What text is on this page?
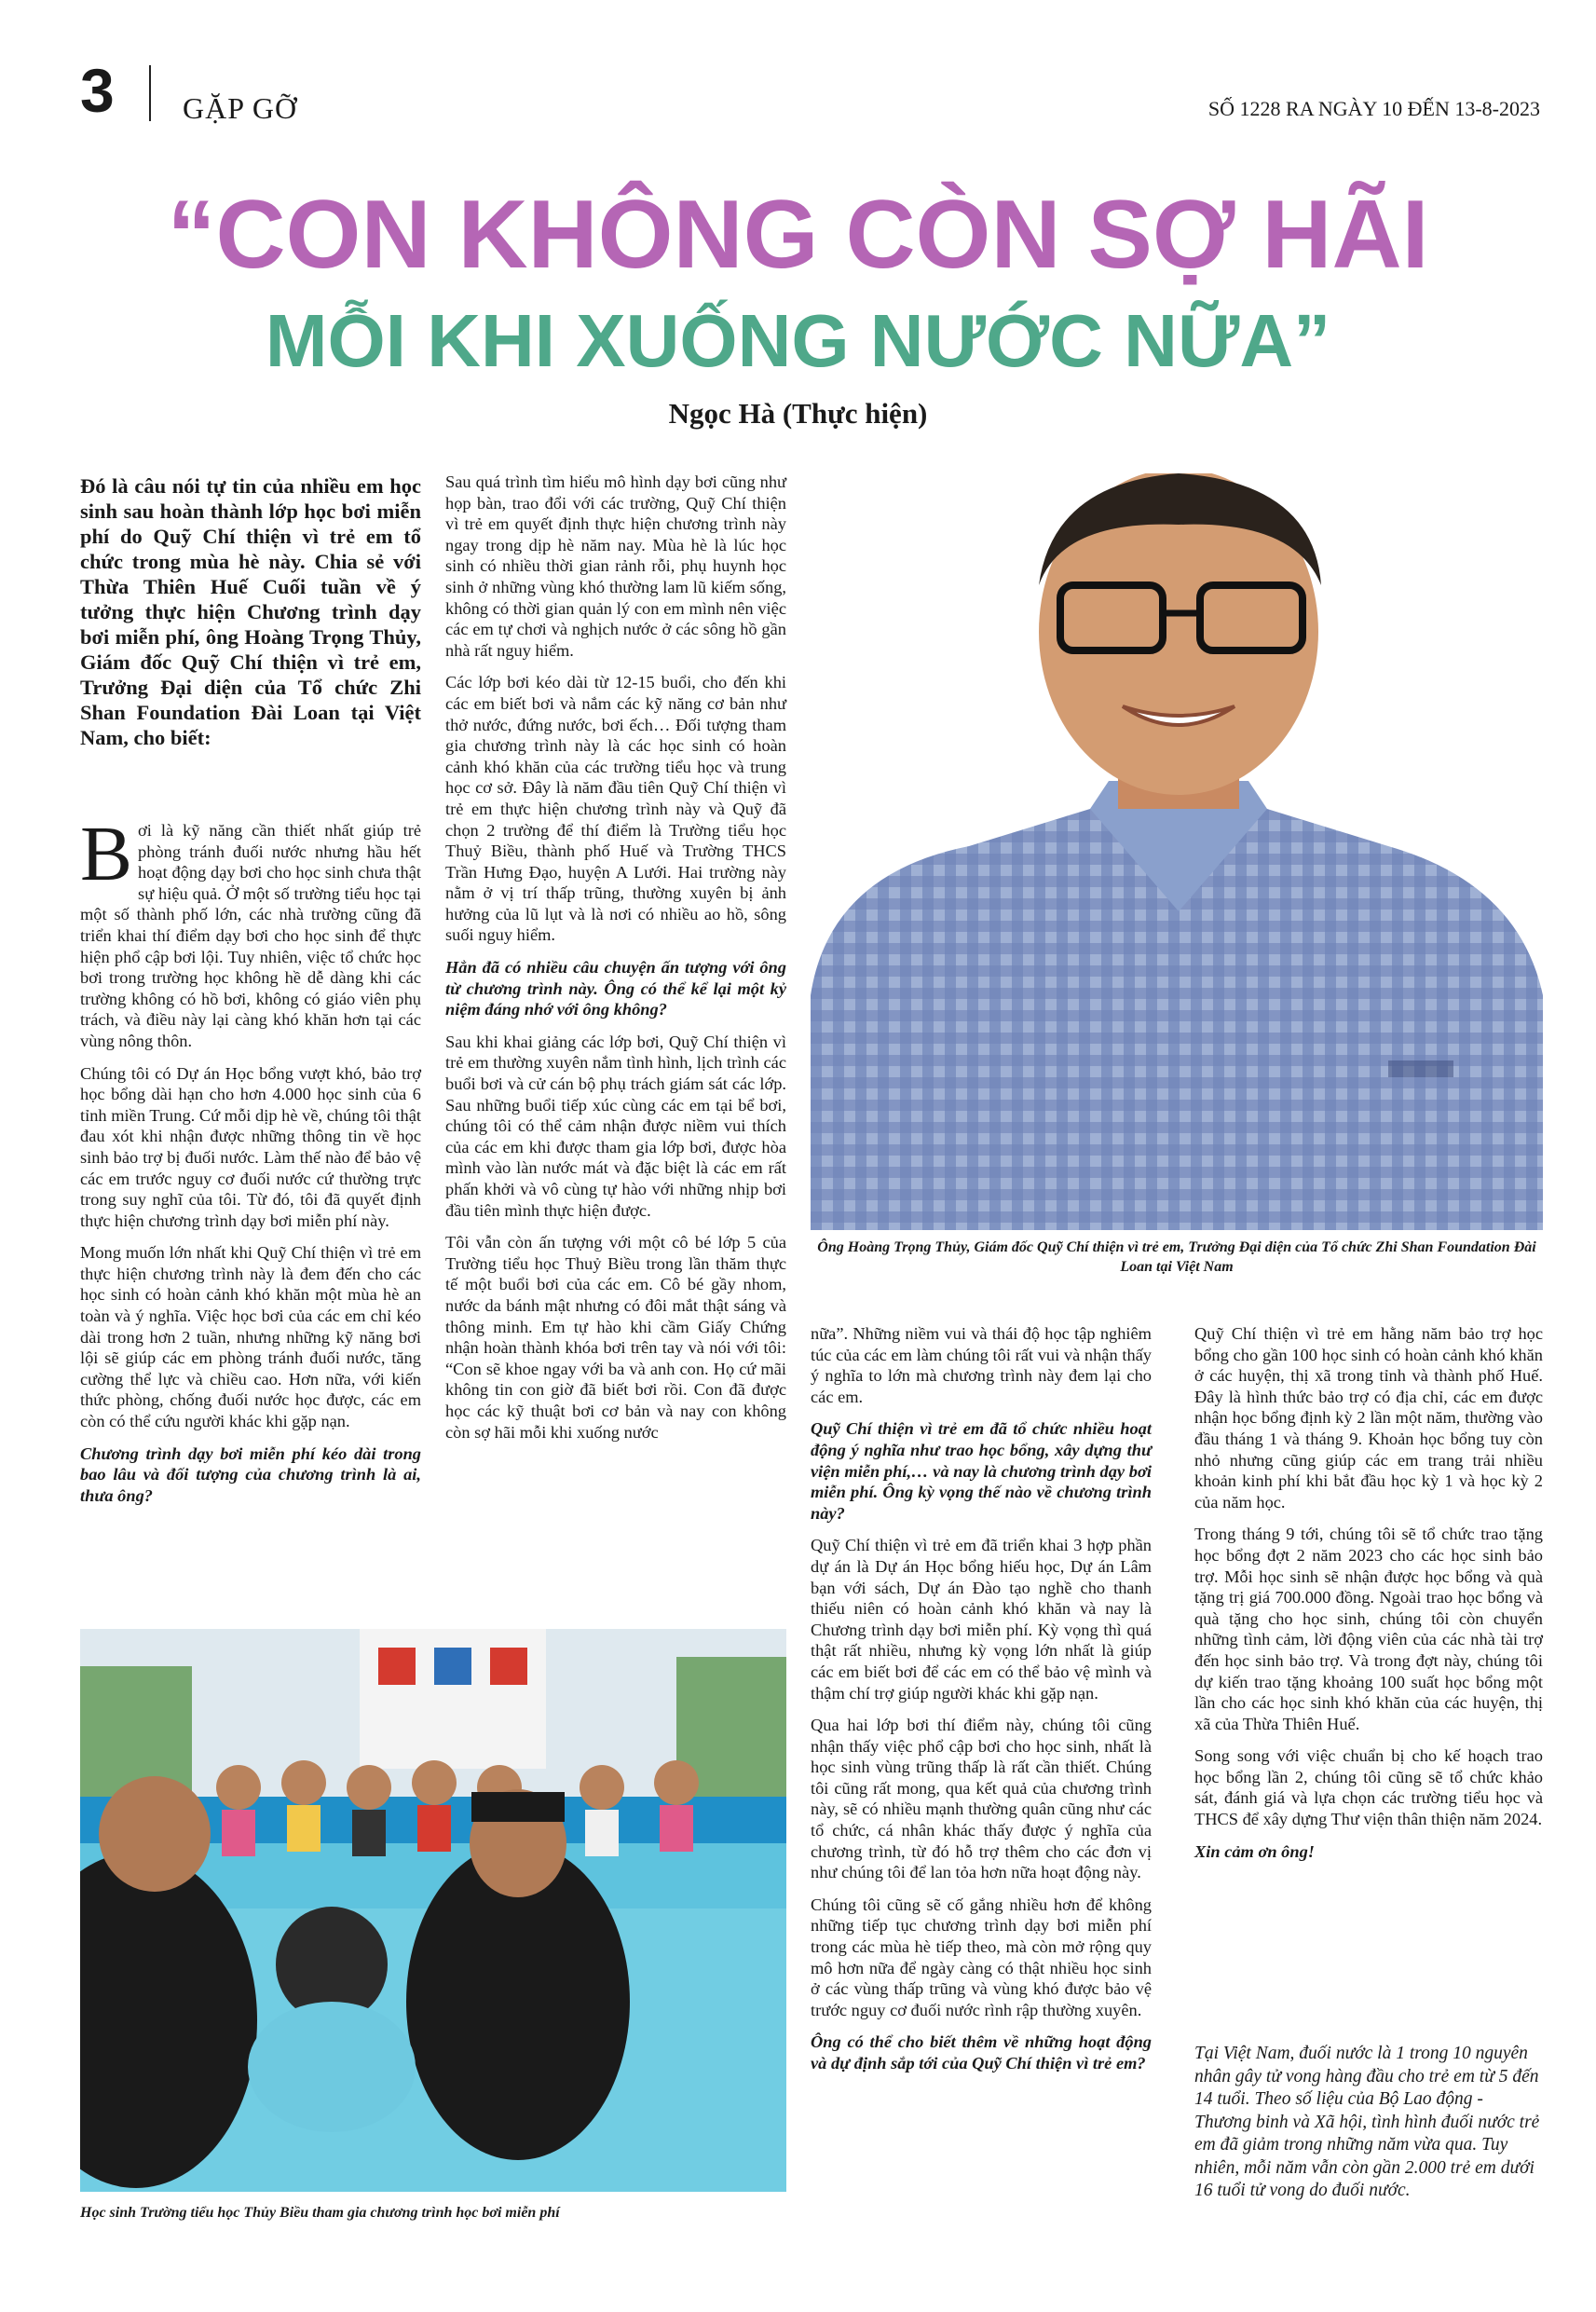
3 GẶP GỠ	SỐ 1228 RA NGÀY 10 ĐẾN 13-8-2023
“CON KHÔNG CÒN SỢ HÃI
MỖI KHI XUỐNG NƯỚC NỮA”
Ngọc Hà (Thực hiện)
Đó là câu nói tự tin của nhiều em học sinh sau hoàn thành lớp học bơi miễn phí do Quỹ Chí thiện vì trẻ em tổ chức trong mùa hè này. Chia sẻ với Thừa Thiên Huế Cuối tuần về ý tưởng thực hiện Chương trình dạy bơi miễn phí, ông Hoàng Trọng Thủy, Giám đốc Quỹ Chí thiện vì trẻ em, Trưởng Đại diện của Tổ chức Zhi Shan Foundation Đài Loan tại Việt Nam, cho biết:

Bơi là kỹ năng cần thiết nhất giúp trẻ phòng tránh đuối nước nhưng hầu hết hoạt động dạy bơi cho học sinh chưa thật sự hiệu quả. Ở một số trường tiểu học tại một số thành phố lớn, các nhà trường cũng đã triển khai thí điểm dạy bơi cho học sinh để thực hiện phổ cập bơi lội. Tuy nhiên, việc tổ chức học bơi trong trường học không hề dễ dàng khi các trường không có hồ bơi, không có giáo viên phụ trách, và điều này lại càng khó khăn hơn tại các vùng nông thôn.

Chúng tôi có Dự án Học bổng vượt khó, bảo trợ học bổng dài hạn cho hơn 4.000 học sinh của 6 tỉnh miền Trung. Cứ mỗi dịp hè về, chúng tôi thật đau xót khi nhận được những thông tin về học sinh bảo trợ bị đuối nước. Làm thế nào để bảo vệ các em trước nguy cơ đuối nước cứ thường trực trong suy nghĩ của tôi. Từ đó, tôi đã quyết định thực hiện chương trình dạy bơi miễn phí này.

Mong muốn lớn nhất khi Quỹ Chí thiện vì trẻ em thực hiện chương trình này là đem đến cho các học sinh có hoàn cảnh khó khăn một mùa hè an toàn và ý nghĩa. Việc học bơi của các em chỉ kéo dài trong hơn 2 tuần, nhưng những kỹ năng bơi lội sẽ giúp các em phòng tránh đuối nước, tăng cường thể lực và chiều cao. Hơn nữa, với kiến thức phòng, chống đuối nước học được, các em còn có thể cứu người khác khi gặp nạn.

Chương trình dạy bơi miễn phí kéo dài trong bao lâu và đối tượng của chương trình là ai, thưa ông?

Sau quá trình tìm hiểu mô hình dạy bơi cũng như họp bàn, trao đổi với các trường, Quỹ Chí thiện vì trẻ em quyết định thực hiện chương trình này ngay trong dịp hè năm nay. Mùa hè là lúc học sinh có nhiều thời gian rảnh rỗi, phụ huynh học sinh ở những vùng khó thường lam lũ kiếm sống, không có thời gian quản lý con em mình nên việc các em tự chơi và nghịch nước ở các sông hồ gần nhà rất nguy hiểm.

Các lớp bơi kéo dài từ 12-15 buổi, cho đến khi các em biết bơi và nắm các kỹ năng cơ bản như thở nước, đứng nước, bơi ếch… Đối tượng tham gia chương trình này là các học sinh có hoàn cảnh khó khăn của các trường tiểu học và trung học cơ sở. Đây là năm đầu tiên Quỹ Chí thiện vì trẻ em thực hiện chương trình này và Quỹ đã chọn 2 trường để thí điểm là Trường tiểu học Thuỷ Biều, thành phố Huế và Trường THCS Trần Hưng Đạo, huyện A Lưới. Hai trường này nằm ở vị trí thấp trũng, thường xuyên bị ảnh hưởng của lũ lụt và là nơi có nhiều ao hồ, sông suối nguy hiểm.

Hẳn đã có nhiều câu chuyện ấn tượng với ông từ chương trình này. Ông có thể kể lại một kỷ niệm đáng nhớ với ông không?

Sau khi khai giảng các lớp bơi, Quỹ Chí thiện vì trẻ em thường xuyên nắm tình hình, lịch trình các buổi bơi và cử cán bộ phụ trách giám sát các lớp. Sau những buổi tiếp xúc cùng các em tại bể bơi, chúng tôi có thể cảm nhận được niềm vui thích của các em khi được tham gia lớp bơi, được hòa mình vào làn nước mát và đặc biệt là các em rất phấn khởi và vô cùng tự hào với những nhịp bơi đầu tiên mình thực hiện được.

Tôi vẫn còn ấn tượng với một cô bé lớp 5 của Trường tiểu học Thuỷ Biều trong lần thăm thực tế một buổi bơi của các em. Cô bé gầy nhom, nước da bánh mật nhưng có đôi mắt thật sáng và thông minh. Em tự hào khi cầm Giấy Chứng nhận hoàn thành khóa bơi trên tay và nói với tôi: “Con sẽ khoe ngay với ba và anh con. Họ cứ mãi không tin con giờ đã biết bơi rồi. Con đã được học các kỹ thuật bơi cơ bản và nay con không còn sợ hãi mỗi khi xuống nước

Ông Hoàng Trọng Thủy, Giám đốc Quỹ Chí thiện vì trẻ em, Trưởng Đại diện của Tổ chức Zhi Shan Foundation Đài Loan tại Việt Nam

nữa”. Những niềm vui và thái độ học tập nghiêm túc của các em làm chúng tôi rất vui và nhận thấy ý nghĩa to lớn mà chương trình này đem lại cho các em.

Quỹ Chí thiện vì trẻ em đã tổ chức nhiều hoạt động ý nghĩa như trao học bổng, xây dựng thư viện miễn phí,… và nay là chương trình dạy bơi miễn phí. Ông kỳ vọng thế nào về chương trình này?

Quỹ Chí thiện vì trẻ em đã triển khai 3 hợp phần dự án là Dự án Học bổng hiếu học, Dự án Lâm bạn với sách, Dự án Đào tạo nghề cho thanh thiếu niên có hoàn cảnh khó khăn và nay là Chương trình dạy bơi miễn phí. Kỳ vọng thì quá thật rất nhiều, nhưng kỳ vọng lớn nhất là giúp các em biết bơi để các em có thể bảo vệ mình và thậm chí trợ giúp người khác khi gặp nạn.

Qua hai lớp bơi thí điểm này, chúng tôi cũng nhận thấy việc phổ cập bơi cho học sinh, nhất là học sinh vùng trũng thấp là rất cần thiết. Chúng tôi cũng rất mong, qua kết quả của chương trình này, sẽ có nhiều mạnh thường quân cũng như các tổ chức, cá nhân khác thấy được ý nghĩa của chương trình, từ đó hỗ trợ thêm cho các đơn vị như chúng tôi để lan tỏa hơn nữa hoạt động này.

Chúng tôi cũng sẽ cố gắng nhiều hơn để không những tiếp tục chương trình dạy bơi miễn phí trong các mùa hè tiếp theo, mà còn mở rộng quy mô hơn nữa để ngày càng có thật nhiều học sinh ở các vùng thấp trũng và vùng khó được bảo vệ trước nguy cơ đuối nước rình rập thường xuyên.

Ông có thể cho biết thêm về những hoạt động và dự định sắp tới của Quỹ Chí thiện vì trẻ em?

Quỹ Chí thiện vì trẻ em hằng năm bảo trợ học bổng cho gần 100 học sinh có hoàn cảnh khó khăn ở các huyện, thị xã trong tỉnh và thành phố Huế. Đây là hình thức bảo trợ có địa chỉ, các em được nhận học bổng định kỳ 2 lần một năm, thường vào đầu tháng 1 và tháng 9. Khoản học bổng tuy còn nhỏ nhưng cũng giúp các em trang trải nhiều khoản kinh phí khi bắt đầu học kỳ 1 và học kỳ 2 của năm học.

Trong tháng 9 tới, chúng tôi sẽ tổ chức trao tặng học bổng đợt 2 năm 2023 cho các học sinh bảo trợ. Mỗi học sinh sẽ nhận được học bổng và quà tặng trị giá 700.000 đồng. Ngoài trao học bổng và quà tặng cho học sinh, chúng tôi còn chuyển những tình cảm, lời động viên của các nhà tài trợ đến học sinh bảo trợ. Và trong đợt này, chúng tôi dự kiến trao tặng khoảng 100 suất học bổng một lần cho các học sinh khó khăn của các huyện, thị xã của Thừa Thiên Huế.

Song song với việc chuẩn bị cho kế hoạch trao học bổng lần 2, chúng tôi cũng sẽ tổ chức khảo sát, đánh giá và lựa chọn các trường tiểu học và THCS để xây dựng Thư viện thân thiện năm 2024.

Xin cảm ơn ông!

Tại Việt Nam, đuối nước là 1 trong 10 nguyên nhân gây tử vong hàng đầu cho trẻ em từ 5 đến 14 tuổi. Theo số liệu của Bộ Lao động - Thương binh và Xã hội, tình hình đuối nước trẻ em đã giảm trong những năm vừa qua. Tuy nhiên, mỗi năm vẫn còn gần 2.000 trẻ em dưới 16 tuổi tử vong do đuối nước.
Học sinh Trường tiểu học Thủy Biều tham gia chương trình học bơi miễn phí
